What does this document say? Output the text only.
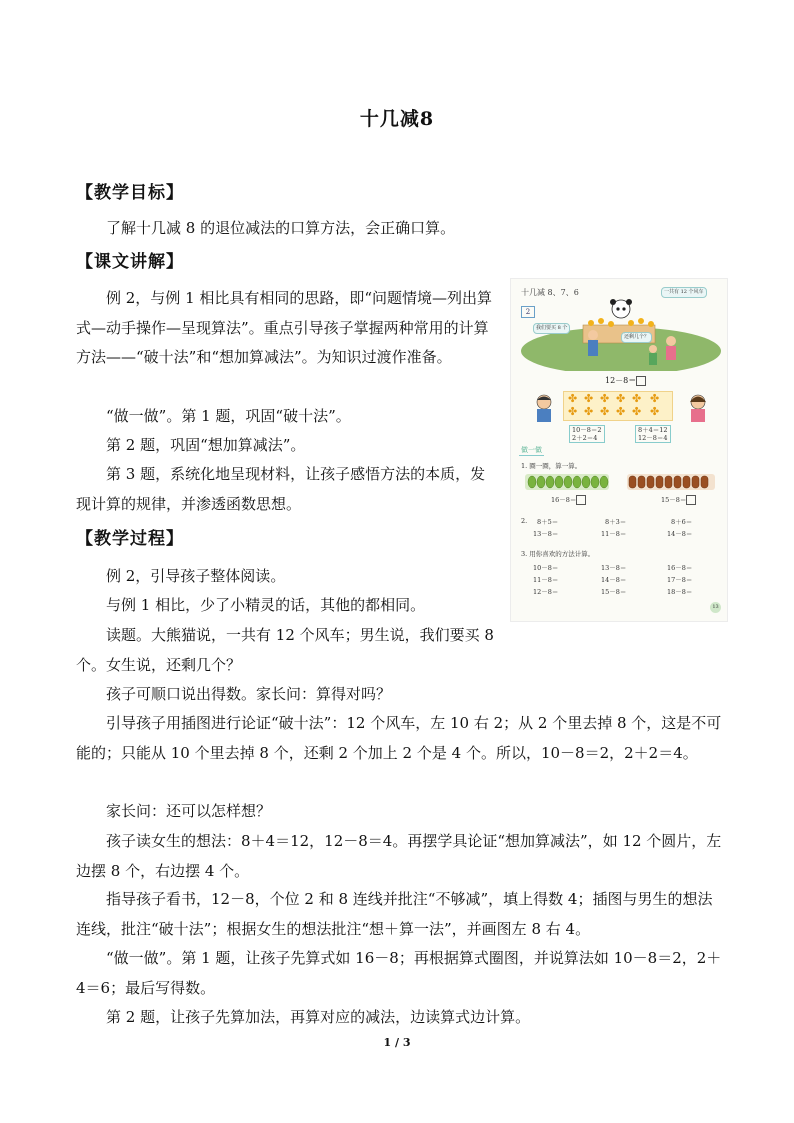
十几减8
【教学目标】

了解十几减 8 的退位减法的口算方法，会正确口算。

【课文讲解】

例 2，与例 1 相比具有相同的思路，即“问题情境—列出算式—动手操作—呈现算法”。重点引导孩子掌握两种常用的计算方法——“破十法”和“想加算减法”。为知识过渡作准备。

“做一做”。第 1 题，巩固“破十法”。

第 2 题，巩固“想加算减法”。

第 3 题，系统化地呈现材料，让孩子感悟方法的本质，发现计算的规律，并渗透函数思想。

【教学过程】

例 2，引导孩子整体阅读。

与例 1 相比，少了小精灵的话，其他的都相同。

读题。大熊猫说，一共有 12 个风车；男生说，我们要买 8 个。女生说，还剩几个？

孩子可顺口说出得数。家长问：算得对吗？

引导孩子用插图进行论证“破十法”：12 个风车，左 10 右 2；从 2 个里去掉 8 个，这是不可能的；只能从 10 个里去掉 8 个，还剩 2 个加上 2 个是 4 个。所以，10－8＝2，2＋2＝4。

家长问：还可以怎样想？

孩子读女生的想法：8＋4＝12，12－8＝4。再摆学具论证“想加算减法”，如 12 个圆片，左边摆 8 个，右边摆 4 个。

指导孩子看书，12－8，个位 2 和 8 连线并批注“不够减”，填上得数 4；插图与男生的想法连线，批注“破十法”；根据女生的想法批注“想＋算一法”，并画图左 8 右 4。

“做一做”。第 1 题，让孩子先算式如 16－8；再根据算式圈图，并说算法如 10－8＝2，2＋4＝6；最后写得数。

第 2 题，让孩子先算加法，再算对应的减法，边读算式边计算。

十几减 8、7、6
2
一共有 12 个风车
我们要买 8 个
还剩几个？
12－8＝
✤ ✤ ✤ ✤ ✤ ✤
✤ ✤ ✤ ✤ ✤ ✤
10－8＝2
2＋2＝4
8＋4＝12
12－8＝4
做一做
1. 圈一圈，算一算。
16－8＝	15－8＝
2. 8＋5＝	8＋3＝	8＋6＝
13－8＝	11－8＝	14－8＝
3. 用你喜欢的方法计算。
10－8＝	13－8＝	16－8＝
11－8＝	14－8＝	17－8＝
12－8＝	15－8＝	18－8＝
13
1 / 3
